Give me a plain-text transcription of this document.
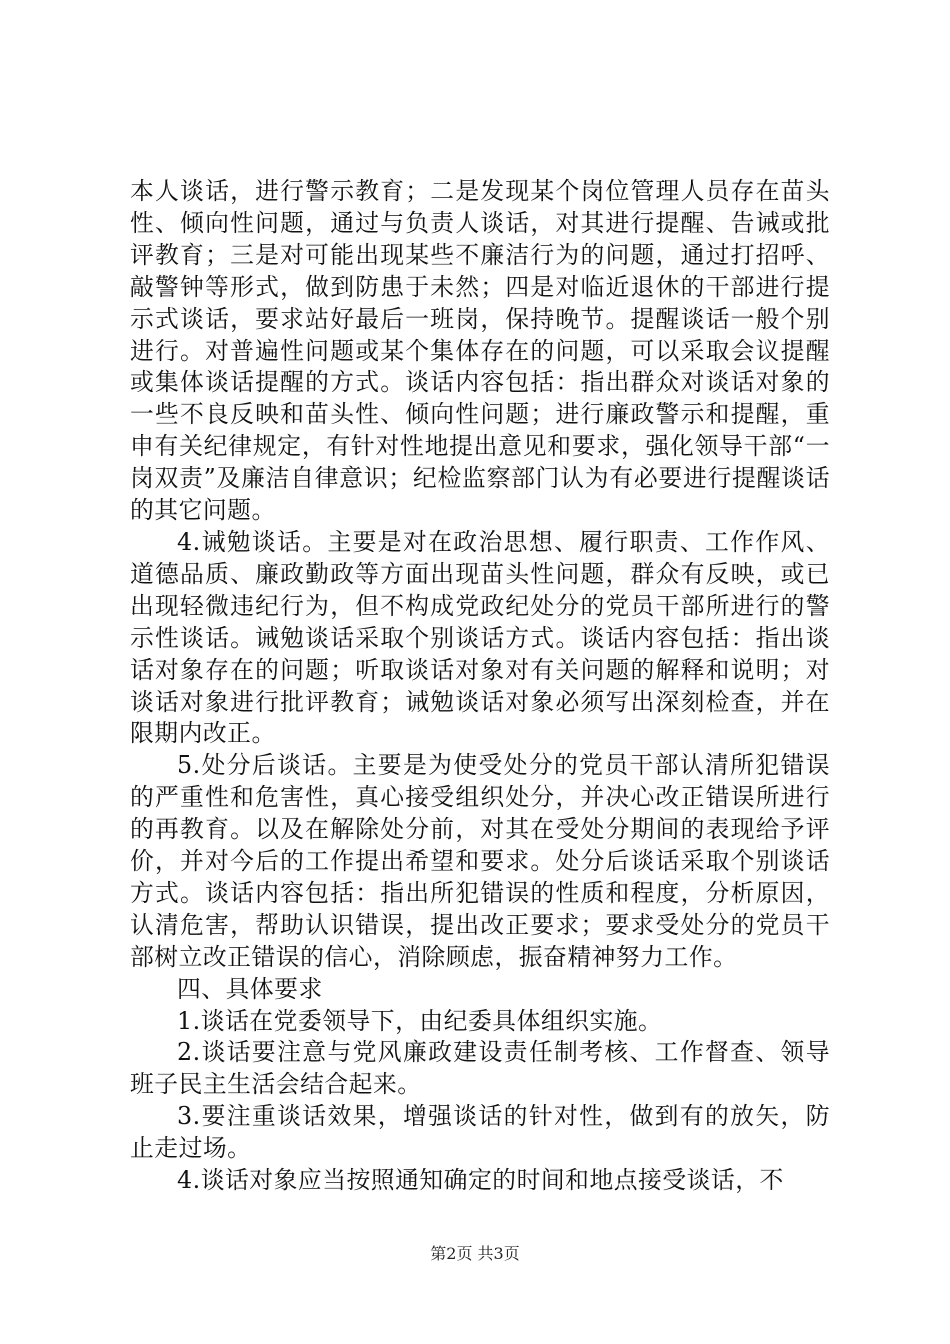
本人谈话，进行警示教育；二是发现某个岗位管理人员存在苗头性、倾向性问题，通过与负责人谈话，对其进行提醒、告诫或批评教育；三是对可能出现某些不廉洁行为的问题，通过打招呼、敲警钟等形式，做到防患于未然；四是对临近退休的干部进行提示式谈话，要求站好最后一班岗，保持晚节。提醒谈话一般个别进行。对普遍性问题或某个集体存在的问题，可以采取会议提醒或集体谈话提醒的方式。谈话内容包括：指出群众对谈话对象的一些不良反映和苗头性、倾向性问题；进行廉政警示和提醒，重申有关纪律规定，有针对性地提出意见和要求，强化领导干部“一岗双责”及廉洁自律意识；纪检监察部门认为有必要进行提醒谈话的其它问题。

4.诫勉谈话。主要是对在政治思想、履行职责、工作作风、道德品质、廉政勤政等方面出现苗头性问题，群众有反映，或已出现轻微违纪行为，但不构成党政纪处分的党员干部所进行的警示性谈话。诫勉谈话采取个别谈话方式。谈话内容包括：指出谈话对象存在的问题；听取谈话对象对有关问题的解释和说明；对谈话对象进行批评教育；诫勉谈话对象必须写出深刻检查，并在限期内改正。

5.处分后谈话。主要是为使受处分的党员干部认清所犯错误的严重性和危害性，真心接受组织处分，并决心改正错误所进行的再教育。以及在解除处分前，对其在受处分期间的表现给予评价，并对今后的工作提出希望和要求。处分后谈话采取个别谈话方式。谈话内容包括：指出所犯错误的性质和程度，分析原因，认清危害，帮助认识错误，提出改正要求；要求受处分的党员干部树立改正错误的信心，消除顾虑，振奋精神努力工作。

四、具体要求

1.谈话在党委领导下，由纪委具体组织实施。

2.谈话要注意与党风廉政建设责任制考核、工作督查、领导班子民主生活会结合起来。

3.要注重谈话效果，增强谈话的针对性，做到有的放矢，防止走过场。

4.谈话对象应当按照通知确定的时间和地点接受谈话，不

第2页 共3页
